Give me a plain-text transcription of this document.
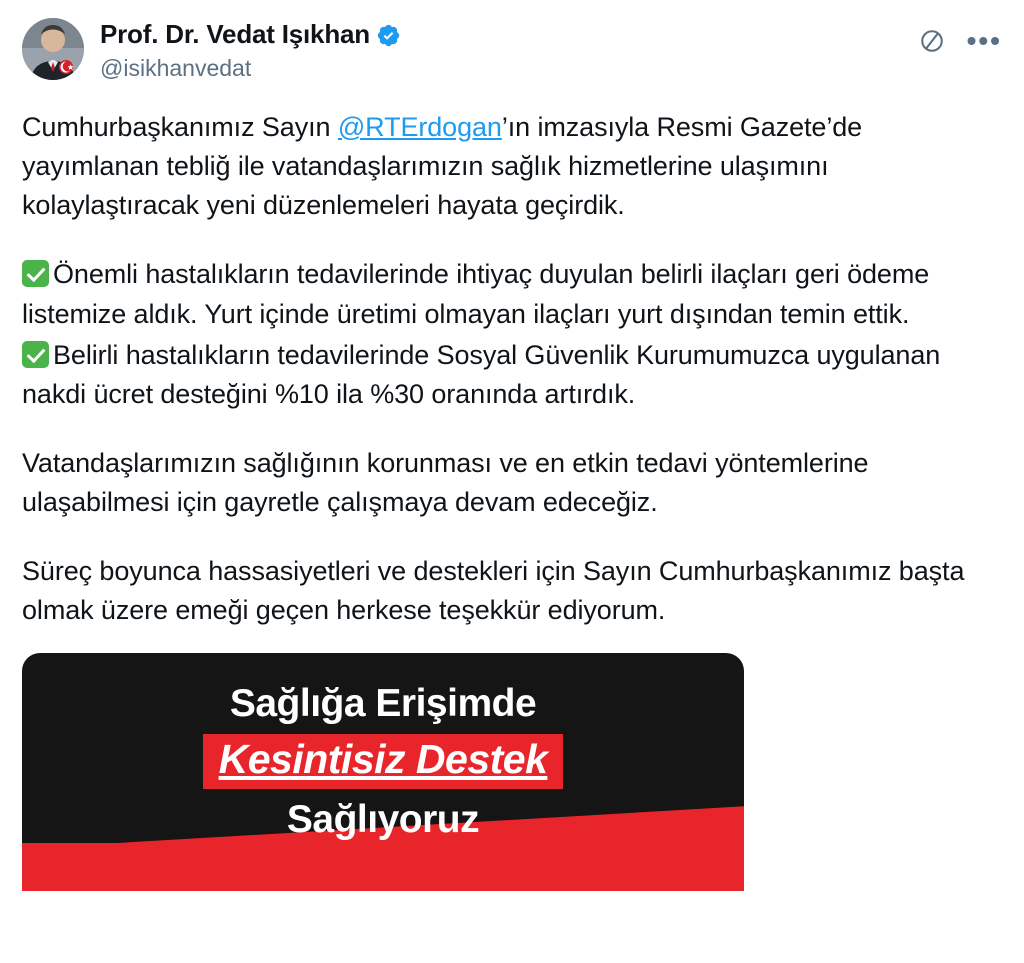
Prof. Dr. Vedat Işıkhan
@isikhanvedat
•••

Cumhurbaşkanımız Sayın @RTErdogan’ın imzasıyla Resmi Gazete’de yayımlanan tebliğ ile vatandaşlarımızın sağlık hizmetlerine ulaşımını kolaylaştıracak yeni düzenlemeleri hayata geçirdik.

Önemli hastalıkların tedavilerinde ihtiyaç duyulan belirli ilaçları geri ödeme listemize aldık. Yurt içinde üretimi olmayan ilaçları yurt dışından temin ettik.

Belirli hastalıkların tedavilerinde Sosyal Güvenlik Kurumumuzca uygulanan nakdi ücret desteğini %10 ila %30 oranında artırdık.

Vatandaşlarımızın sağlığının korunması ve en etkin tedavi yöntemlerine ulaşabilmesi için gayretle çalışmaya devam edeceğiz.

Süreç boyunca hassasiyetleri ve destekleri için Sayın Cumhurbaşkanımız başta olmak üzere emeği geçen herkese teşekkür ediyorum.

Sağlığa Erişimde
Kesintisiz Destek
Sağlıyoruz
